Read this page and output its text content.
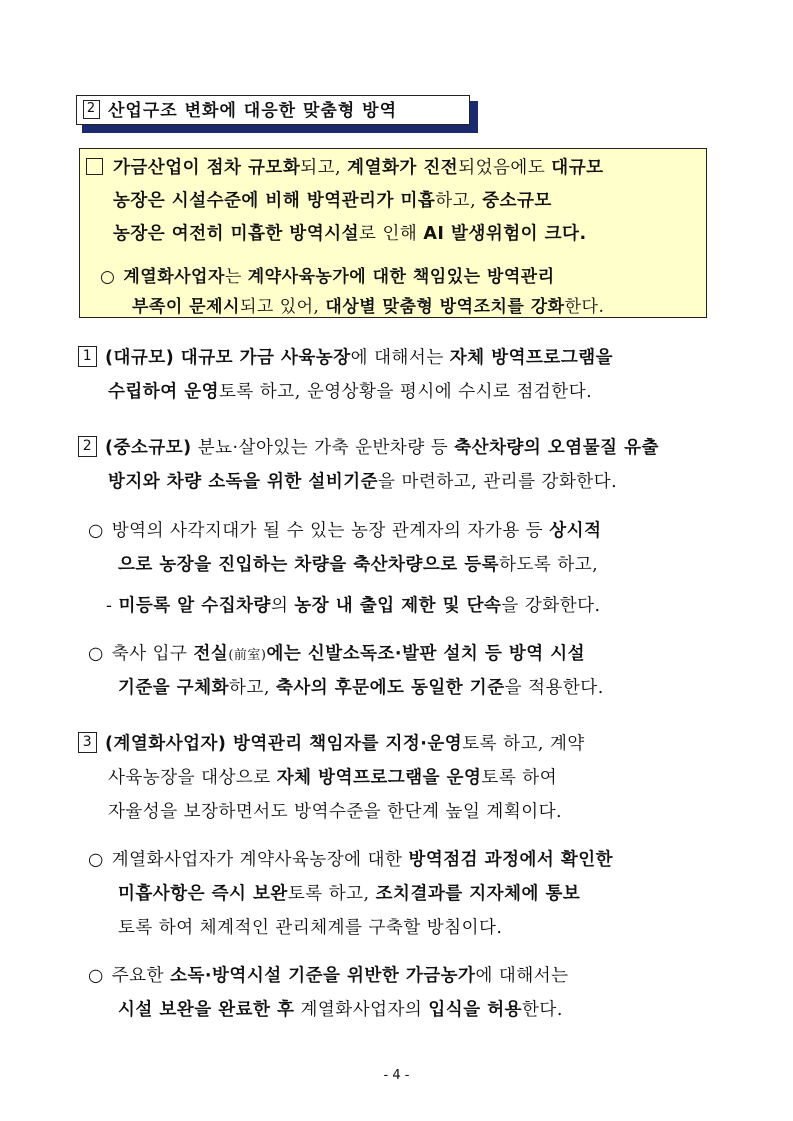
2 산업구조 변화에 대응한 맞춤형 방역
가금산업이 점차 규모화되고, 계열화가 진전되었음에도 대규모
농장은 시설수준에 비해 방역관리가 미흡하고, 중소규모
농장은 여전히 미흡한 방역시설로 인해 AI 발생위험이 크다.
○ 계열화사업자는 계약사육농가에 대한 책임있는 방역관리
부족이 문제시되고 있어, 대상별 맞춤형 방역조치를 강화한다.
1 (대규모) 대규모 가금 사육농장에 대해서는 자체 방역프로그램을
수립하여 운영토록 하고, 운영상황을 평시에 수시로 점검한다.
2 (중소규모) 분뇨·살아있는 가축 운반차량 등 축산차량의 오염물질 유출
방지와 차량 소독을 위한 설비기준을 마련하고, 관리를 강화한다.
○ 방역의 사각지대가 될 수 있는 농장 관계자의 자가용 등 상시적
으로 농장을 진입하는 차량을 축산차량으로 등록하도록 하고,
- 미등록 알 수집차량의 농장 내 출입 제한 및 단속을 강화한다.
○ 축사 입구 전실(前室)에는 신발소독조·발판 설치 등 방역 시설
기준을 구체화하고, 축사의 후문에도 동일한 기준을 적용한다.
3 (계열화사업자) 방역관리 책임자를 지정·운영토록 하고, 계약
사육농장을 대상으로 자체 방역프로그램을 운영토록 하여
자율성을 보장하면서도 방역수준을 한단계 높일 계획이다.
○ 계열화사업자가 계약사육농장에 대한 방역점검 과정에서 확인한
미흡사항은 즉시 보완토록 하고, 조치결과를 지자체에 통보
토록 하여 체계적인 관리체계를 구축할 방침이다.
○ 주요한 소독·방역시설 기준을 위반한 가금농가에 대해서는
시설 보완을 완료한 후 계열화사업자의 입식을 허용한다.
- 4 -
